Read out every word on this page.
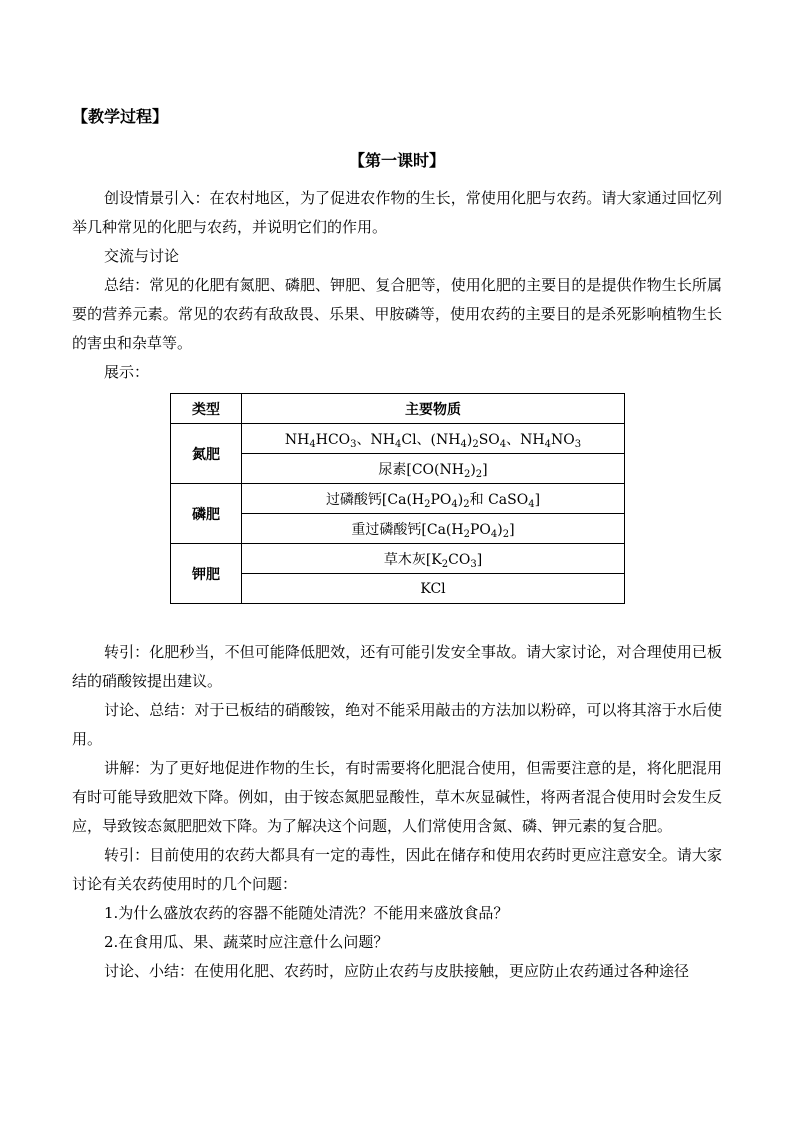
【教学过程】
【第一课时】

创设情景引入：在农村地区，为了促进农作物的生长，常使用化肥与农药。请大家通过回忆列举几种常见的化肥与农药，并说明它们的作用。

交流与讨论

总结：常见的化肥有氮肥、磷肥、钾肥、复合肥等，使用化肥的主要目的是提供作物生长所属要的营养元素。常见的农药有敌敌畏、乐果、甲胺磷等，使用农药的主要目的是杀死影响植物生长的害虫和杂草等。

展示：

类型	主要物质
氮肥	$NH_4HCO_3$、$NH_4Cl$、$(NH_4)_2SO_4$、$NH_4NO_3$
	尿素$[CO(NH_2)_2]$
磷肥	过磷酸钙[$Ca(H_2PO_4)_2$和 CaSO$_4$]
	重过磷酸钙$[Ca(H_2PO_4)_2]$
钾肥	草木灰$[K_2CO_3]$
	KCl

转引：化肥秒当，不但可能降低肥效，还有可能引发安全事故。请大家讨论，对合理使用已板结的硝酸铵提出建议。

讨论、总结：对于已板结的硝酸铵，绝对不能采用敲击的方法加以粉碎，可以将其溶于水后使用。

讲解：为了更好地促进作物的生长，有时需要将化肥混合使用，但需要注意的是，将化肥混用有时可能导致肥效下降。例如，由于铵态氮肥显酸性，草木灰显碱性，将两者混合使用时会发生反应，导致铵态氮肥肥效下降。为了解决这个问题，人们常使用含氮、磷、钾元素的复合肥。

转引：目前使用的农药大都具有一定的毒性，因此在储存和使用农药时更应注意安全。请大家讨论有关农药使用时的几个问题：

1.为什么盛放农药的容器不能随处清洗？不能用来盛放食品？

2.在食用瓜、果、蔬菜时应注意什么问题？

讨论、小结：在使用化肥、农药时，应防止农药与皮肤接触，更应防止农药通过各种途径
